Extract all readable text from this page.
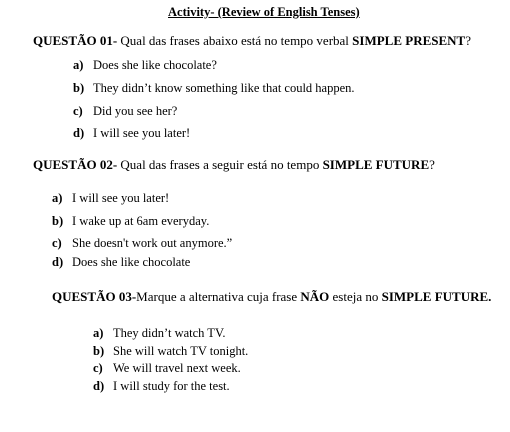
Activity- (Review of English Tenses)
QUESTÃO 01- Qual das frases abaixo está no tempo verbal SIMPLE PRESENT?
a) Does she like chocolate?
b) They didn’t know something like that could happen.
c) Did you see her?
d) I will see you later!
QUESTÃO 02- Qual das frases a seguir está no tempo SIMPLE FUTURE?
a) I will see you later!
b) I wake up at 6am everyday.
c) She doesn't work out anymore.”
d) Does she like chocolate
QUESTÃO 03-Marque a alternativa cuja frase NÃO esteja no SIMPLE FUTURE.
a) They didn’t watch TV.
b) She will watch TV tonight.
c) We will travel next week.
d) I will study for the test.
